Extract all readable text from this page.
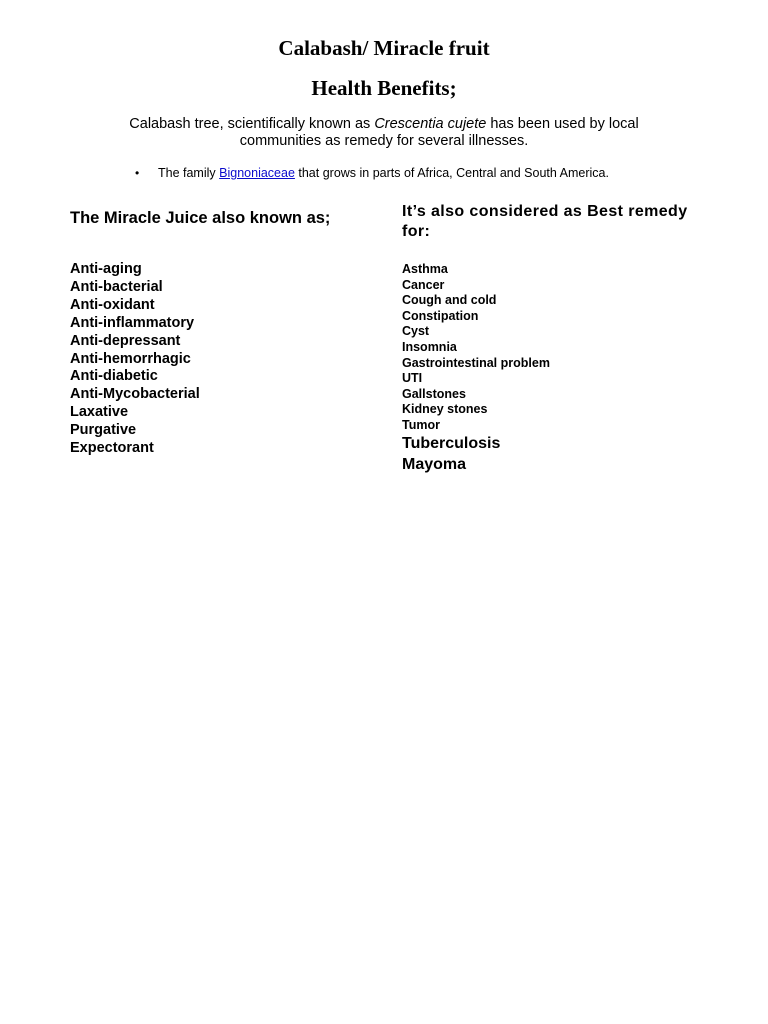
Calabash/ Miracle fruit
Health Benefits;

Calabash tree, scientifically known as Crescentia cujete has been used by local
communities as remedy for several illnesses.

• The family Bignoniaceae that grows in parts of Africa, Central and South America.
The Miracle Juice also known as;	It’s also considered as Best remedy
for:
Anti-aging
Anti-bacterial
Anti-oxidant
Anti-inflammatory
Anti-depressant
Anti-hemorrhagic
Anti-diabetic
Anti-Mycobacterial
Laxative
Purgative
Expectorant
Asthma
Cancer
Cough and cold
Constipation
Cyst
Insomnia
Gastrointestinal problem
UTI
Gallstones
Kidney stones
Tumor
Tuberculosis
Mayoma
